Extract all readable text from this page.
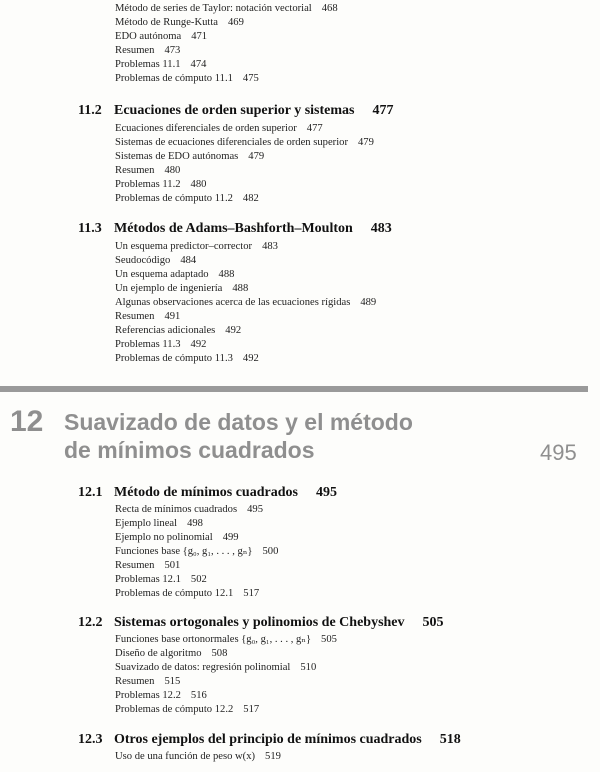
Método de series de Taylor: notación vectorial 468
Método de Runge-Kutta 469
EDO autónoma 471
Resumen 473
Problemas 11.1 474
Problemas de cómputo 11.1 475
11.2 Ecuaciones de orden superior y sistemas 477
Ecuaciones diferenciales de orden superior 477
Sistemas de ecuaciones diferenciales de orden superior 479
Sistemas de EDO autónomas 479
Resumen 480
Problemas 11.2 480
Problemas de cómputo 11.2 482
11.3 Métodos de Adams–Bashforth–Moulton 483
Un esquema predictor–corrector 483
Seudocódigo 484
Un esquema adaptado 488
Un ejemplo de ingeniería 488
Algunas observaciones acerca de las ecuaciones rígidas 489
Resumen 491
Referencias adicionales 492
Problemas 11.3 492
Problemas de cómputo 11.3 492
12 Suavizado de datos y el método
de mínimos cuadrados	495
12.1 Método de mínimos cuadrados 495
Recta de mínimos cuadrados 495
Ejemplo lineal 498
Ejemplo no polinomial 499
Funciones base {g₀, g₁, . . . , gₙ} 500
Resumen 501
Problemas 12.1 502
Problemas de cómputo 12.1 517
12.2 Sistemas ortogonales y polinomios de Chebyshev 505
Funciones base ortonormales {g₀, g₁, . . . , gₙ} 505
Diseño de algoritmo 508
Suavizado de datos: regresión polinomial 510
Resumen 515
Problemas 12.2 516
Problemas de cómputo 12.2 517
12.3 Otros ejemplos del principio de mínimos cuadrados 518
Uso de una función de peso w(x) 519
